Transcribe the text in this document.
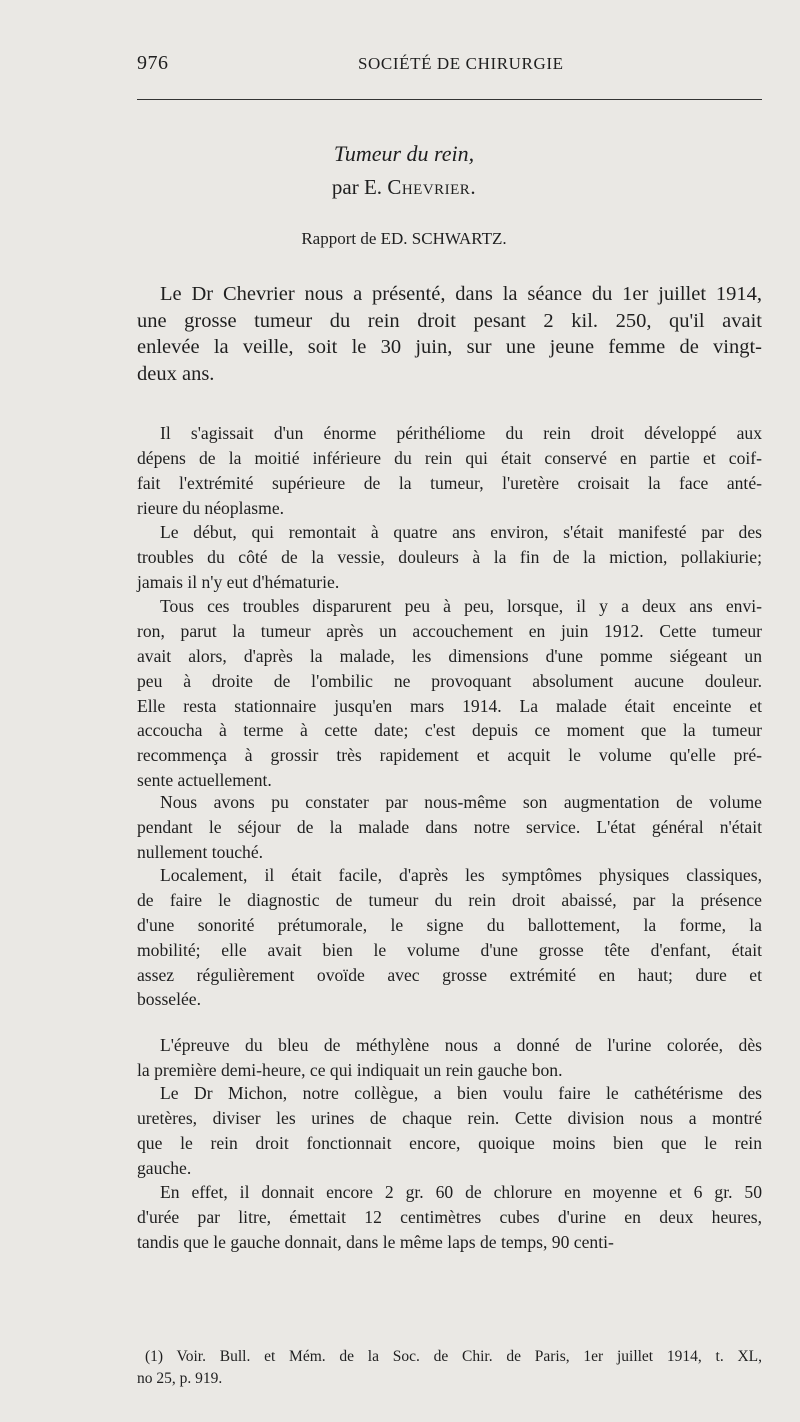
976	SOCIÉTÉ DE CHIRURGIE
Tumeur du rein,
par E. Chevrier.
Rapport de ED. SCHWARTZ.
Le Dr Chevrier nous a présenté, dans la séance du 1er juillet 1914,
une grosse tumeur du rein droit pesant 2 kil. 250, qu'il avait
enlevée la veille, soit le 30 juin, sur une jeune femme de vingt-
deux ans.
Il s'agissait d'un énorme périthéliome du rein droit développé aux
dépens de la moitié inférieure du rein qui était conservé en partie et coif-
fait l'extrémité supérieure de la tumeur, l'uretère croisait la face anté-
rieure du néoplasme.
Le début, qui remontait à quatre ans environ, s'était manifesté par des
troubles du côté de la vessie, douleurs à la fin de la miction, pollakiurie;
jamais il n'y eut d'hématurie.
Tous ces troubles disparurent peu à peu, lorsque, il y a deux ans envi-
ron, parut la tumeur après un accouchement en juin 1912. Cette tumeur
avait alors, d'après la malade, les dimensions d'une pomme siégeant un
peu à droite de l'ombilic ne provoquant absolument aucune douleur.
Elle resta stationnaire jusqu'en mars 1914. La malade était enceinte et
accoucha à terme à cette date; c'est depuis ce moment que la tumeur
recommença à grossir très rapidement et acquit le volume qu'elle pré-
sente actuellement.
Nous avons pu constater par nous-même son augmentation de volume
pendant le séjour de la malade dans notre service. L'état général n'était
nullement touché.
Localement, il était facile, d'après les symptômes physiques classiques,
de faire le diagnostic de tumeur du rein droit abaissé, par la présence
d'une sonorité prétumorale, le signe du ballottement, la forme, la
mobilité; elle avait bien le volume d'une grosse tête d'enfant, était
assez régulièrement ovoïde avec grosse extrémité en haut; dure et
bosselée.
L'épreuve du bleu de méthylène nous a donné de l'urine colorée, dès
la première demi-heure, ce qui indiquait un rein gauche bon.
Le Dr Michon, notre collègue, a bien voulu faire le cathétérisme des
uretères, diviser les urines de chaque rein. Cette division nous a montré
que le rein droit fonctionnait encore, quoique moins bien que le rein
gauche.
En effet, il donnait encore 2 gr. 60 de chlorure en moyenne et 6 gr. 50
d'urée par litre, émettait 12 centimètres cubes d'urine en deux heures,
tandis que le gauche donnait, dans le même laps de temps, 90 centi-
(1) Voir. Bull. et Mém. de la Soc. de Chir. de Paris, 1er juillet 1914, t. XL,
no 25, p. 919.
